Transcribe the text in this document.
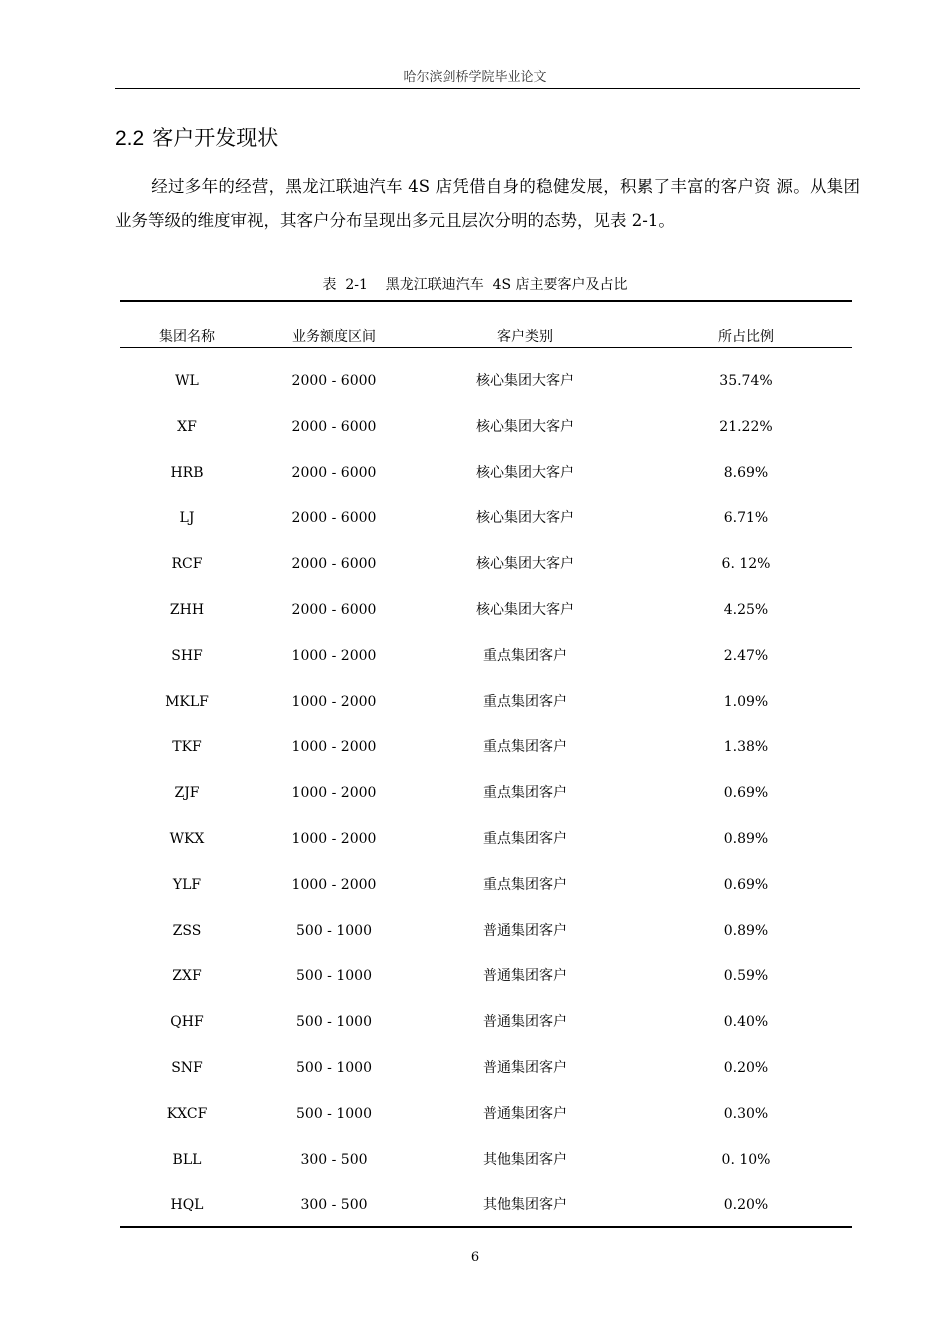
哈尔滨剑桥学院毕业论文
2.2 客户开发现状
经过多年的经营，黑龙江联迪汽车 4S 店凭借自身的稳健发展，积累了丰富的客户资 源。从集团业务等级的维度审视，其客户分布呈现出多元且层次分明的态势，见表 2-1。
表  2-1    黑龙江联迪汽车  4S 店主要客户及占比
集团名称	业务额度区间	客户类别	所占比例
WL	2000 - 6000	核心集团大客户	35.74%
XF	2000 - 6000	核心集团大客户	21.22%
HRB	2000 - 6000	核心集团大客户	8.69%
LJ	2000 - 6000	核心集团大客户	6.71%
RCF	2000 - 6000	核心集团大客户	6. 12%
ZHH	2000 - 6000	核心集团大客户	4.25%
SHF	1000 - 2000	重点集团客户	2.47%
MKLF	1000 - 2000	重点集团客户	1.09%
TKF	1000 - 2000	重点集团客户	1.38%
ZJF	1000 - 2000	重点集团客户	0.69%
WKX	1000 - 2000	重点集团客户	0.89%
YLF	1000 - 2000	重点集团客户	0.69%
ZSS	500 - 1000	普通集团客户	0.89%
ZXF	500 - 1000	普通集团客户	0.59%
QHF	500 - 1000	普通集团客户	0.40%
SNF	500 - 1000	普通集团客户	0.20%
KXCF	500 - 1000	普通集团客户	0.30%
BLL	300 - 500	其他集团客户	0. 10%
HQL	300 - 500	其他集团客户	0.20%
6
